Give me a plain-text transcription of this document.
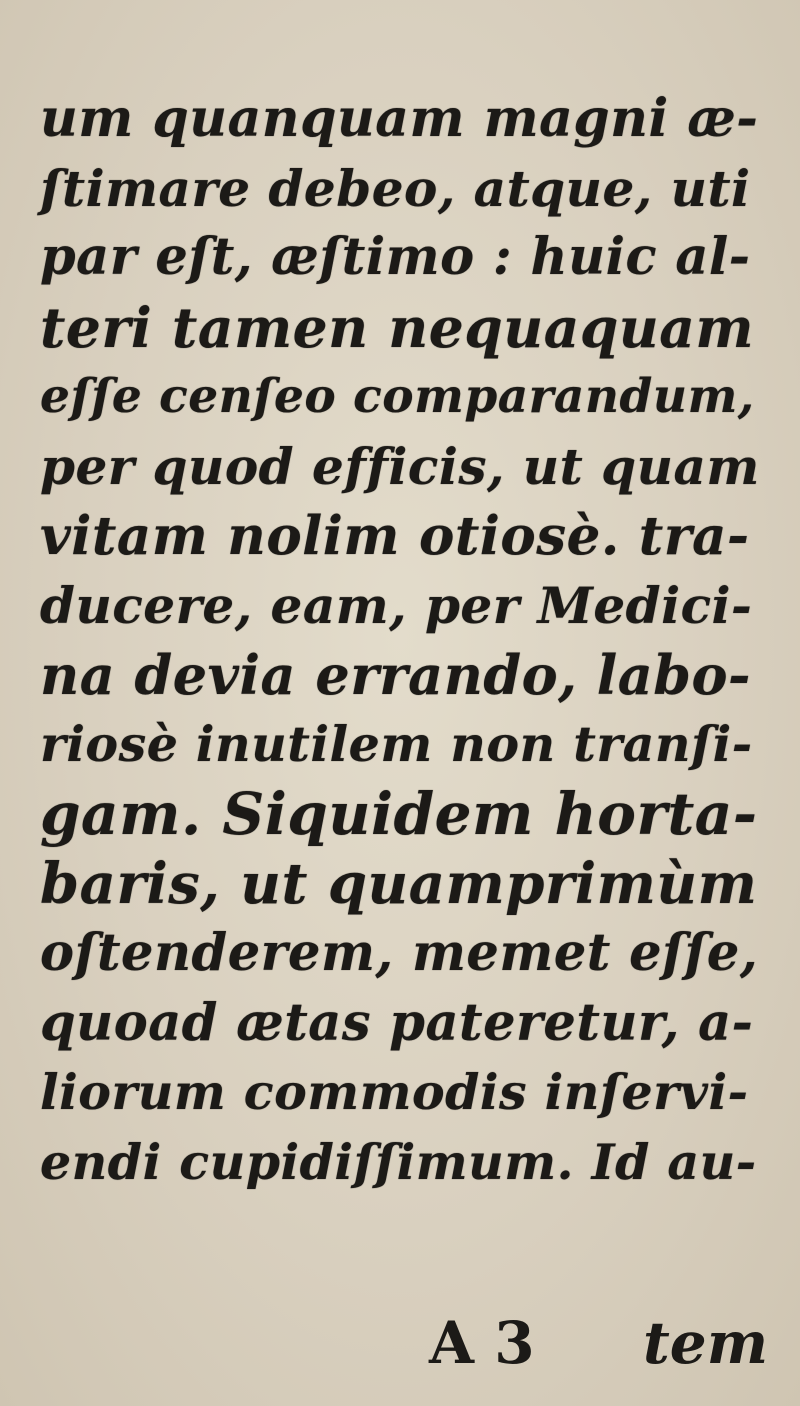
um quanquam magni æ-
ſtimare debeo, atque, uti
par eſt, æſtimo : huic al-
teri tamen nequaquam
eſſe cenſeo comparandum,
per quod efficis, ut quam
vitam nolim otiosè. tra-
ducere, eam, per Medici-
na devia errando, labo-
riosè inutilem non tranſi-
gam. Siquidem horta-
baris, ut quamprimùm
oſtenderem, memet eſſe,
quoad ætas pateretur, a-
liorum commodis inſervi-
endi cupidiſſimum. Id au-
A 3 tem
